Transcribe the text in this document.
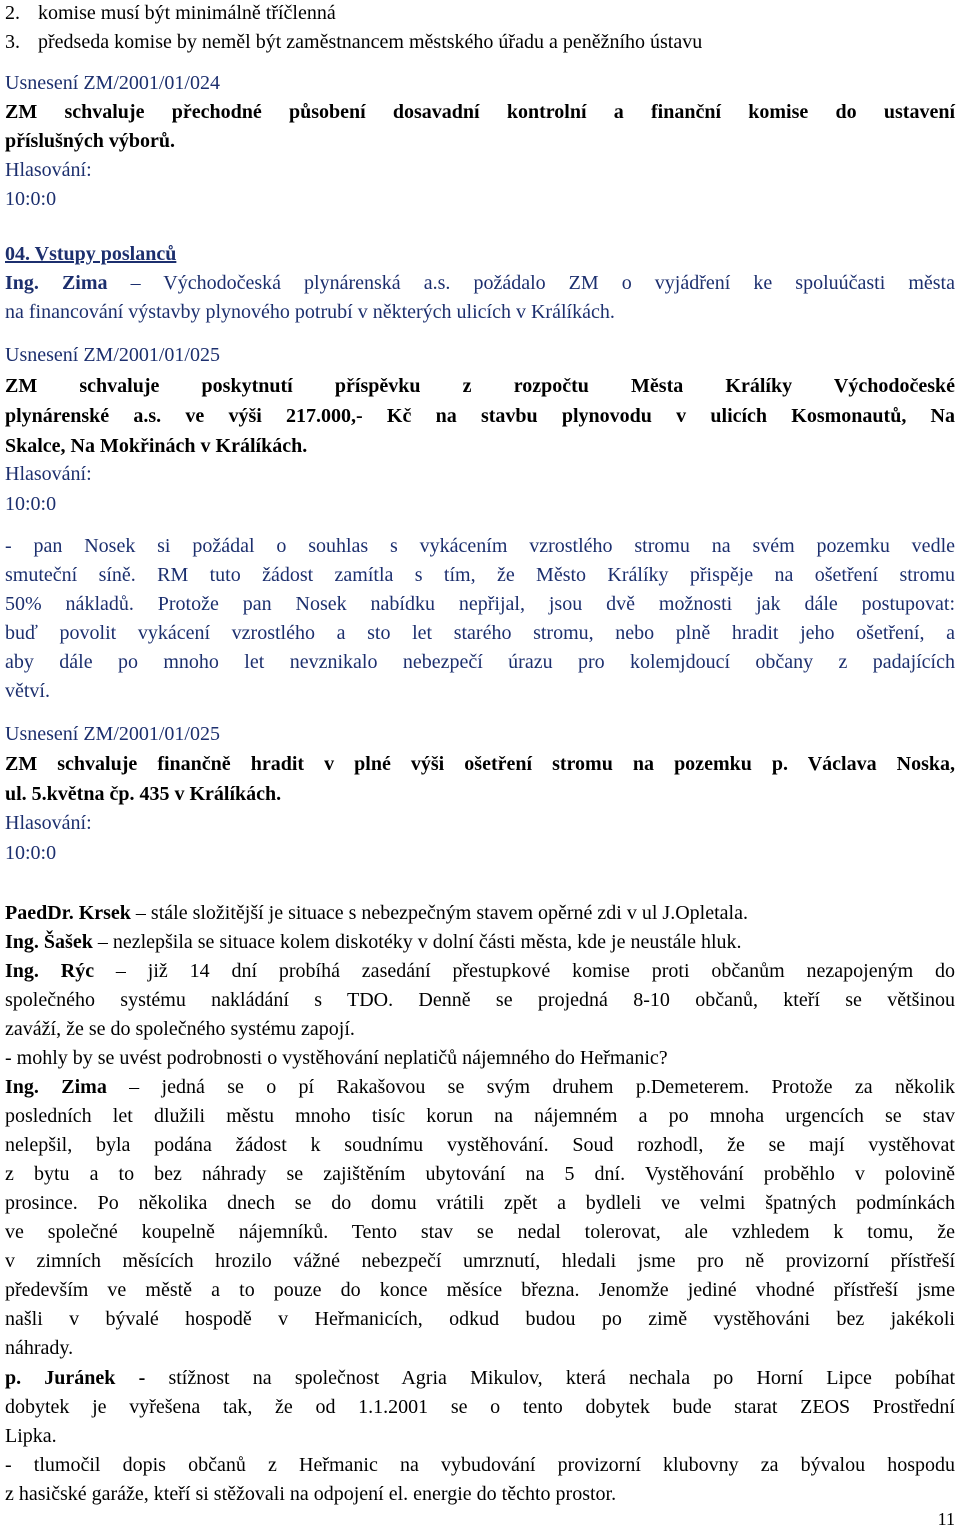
2. komise musí být minimálně tříčlenná
3. předseda komise by neměl být zaměstnancem městského úřadu a peněžního ústavu
Usnesení ZM/2001/01/024
ZM schvaluje přechodné působení dosavadní kontrolní a finanční komise do ustavení
příslušných výborů.
Hlasování:
10:0:0
04. Vstupy poslanců
Ing. Zima – Východočeská plynárenská a.s. požádalo ZM o vyjádření ke spoluúčasti města
na financování výstavby plynového potrubí v některých ulicích v Králíkách.
Usnesení ZM/2001/01/025
ZM schvaluje poskytnutí příspěvku z rozpočtu Města Králíky Východočeské
plynárenské a.s. ve výši 217.000,- Kč na stavbu plynovodu v ulicích Kosmonautů, Na
Skalce, Na Mokřinách v Králíkách.
Hlasování:
10:0:0
- pan Nosek si požádal o souhlas s vykácením vzrostlého stromu na svém pozemku vedle
smuteční síně. RM tuto žádost zamítla s tím, že Město Králíky přispěje na ošetření stromu
50% nákladů. Protože pan Nosek nabídku nepřijal, jsou dvě možnosti jak dále postupovat:
buď povolit vykácení vzrostlého a sto let starého stromu, nebo plně hradit jeho ošetření, a
aby dále po mnoho let nevznikalo nebezpečí úrazu pro kolemjdoucí občany z padajících
větví.
Usnesení ZM/2001/01/025
ZM schvaluje finančně hradit v plné výši ošetření stromu na pozemku p. Václava Noska,
ul. 5.května čp. 435 v Králíkách.
Hlasování:
10:0:0
PaedDr. Krsek – stále složitější je situace s nebezpečným stavem opěrné zdi v ul J.Opletala.
Ing. Šašek – nezlepšila se situace kolem diskotéky v dolní části města, kde je neustále hluk.
Ing. Rýc – již 14 dní probíhá zasedání přestupkové komise proti občanům nezapojeným do
společného systému nakládání s TDO. Denně se projedná 8-10 občanů, kteří se většinou
zaváží, že se do společného systému zapojí.
- mohly by se uvést podrobnosti o vystěhování neplatičů nájemného do Heřmanic?
Ing. Zima – jedná se o pí Rakašovou se svým druhem p.Demeterem. Protože za několik
posledních let dlužili městu mnoho tisíc korun na nájemném a po mnoha urgencích se stav
nelepšil, byla podána žádost k soudnímu vystěhování. Soud rozhodl, že se mají vystěhovat
z bytu a to bez náhrady se zajištěním ubytování na 5 dní. Vystěhování proběhlo v polovině
prosince. Po několika dnech se do domu vrátili zpět a bydleli ve velmi špatných podmínkách
ve společné koupelně nájemníků. Tento stav se nedal tolerovat, ale vzhledem k tomu, že
v zimních měsících hrozilo vážné nebezpečí umrznutí, hledali jsme pro ně provizorní přístřeší
především ve městě a to pouze do konce měsíce března. Jenomže jediné vhodné přístřeší jsme
našli v bývalé hospodě v Heřmanicích, odkud budou po zimě vystěhováni bez jakékoli
náhrady.
p. Juránek - stížnost na společnost Agria Mikulov, která nechala po Horní Lipce pobíhat
dobytek je vyřešena tak, že od 1.1.2001 se o tento dobytek bude starat ZEOS Prostřední
Lipka.
- tlumočil dopis občanů z Heřmanic na vybudování provizorní klubovny za bývalou hospodu
z hasičské garáže, kteří si stěžovali na odpojení el. energie do těchto prostor.
11
